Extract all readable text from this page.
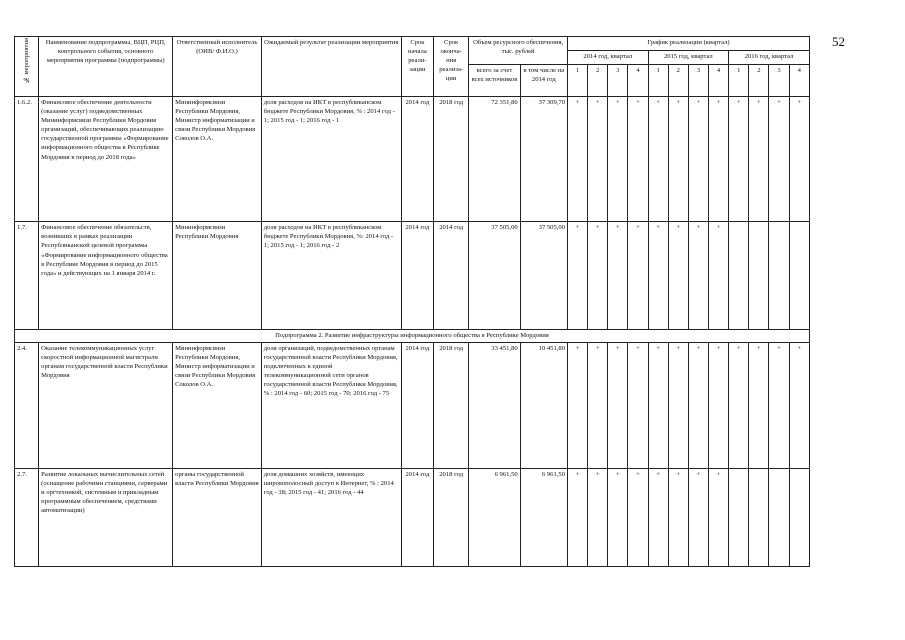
52
№ мероприятия	Наименование подпрограммы, ВЦП, РЦП, контрольного события, основного мероприятия программы (подпрограммы)	Ответственный исполнитель (ОИВ/ Ф.И.О.)	Ожидаемый результат реализации мероприятия	Срок начала реали-зации	Срок оконча-ния реализа-ции	Объем ресурсного обеспечения, тыс. рублей		График реализации (квартал)											
								2014 год, квартал				2015 год, квартал				2016 год, квартал			
						всего за счет всех источников	в том числе на 2014 год	1	2	3	4	1	2	3	4	1	2	3	4
1.6.2.	Финансовое обеспечение деятельности (оказание услуг) подведомственных Мининформсвязи Республики Мордовия организаций, обеспечивающих реализацию государственной программы «Формирование информационного общества в Республике Мордовия в период до 2018 года»	Мининформсвязи Республики Мордовия, Министр информатизации и связи Республики Мордовия Соколов О.А.	доля расходов на ИКТ в республиканском бюджете Республики Мордовия, % : 2014 год - 1; 2015 год - 1; 2016 год - 1	2014 год	2018 год	72 351,80	37 309,70	+	+	+	+	+	+	+	+	+	+	+	+
1.7.	Финансовое обеспечение обязательств, возникших в рамках реализации Республиканской целевой программы «Формирование информационного общества в Республике Мордовия в период до 2015 года» и действующих на 1 января 2014 г.	Мининформсвязи Республики Мордовия	доля расходов на ИКТ в республиканском бюджете Республики Мордовия, %: 2014 год - 1; 2015 год - 1; 2016 год - 2	2014 год	2014 год	37 505,00	37 505,00	+	+	+	+	+	+	+	+				
Подпрограмма 2. Развитие инфраструктуры информационного общества в Республике Мордовия																			
2.4.	Оказание телекоммуникационных услуг скоростной информационной магистрали органам государственной власти Республики Мордовия	Мининформсвязи Республики Мордовия, Министр информатизации и связи Республики Мордовия Соколов О.А.	доля организаций, подведомственных органам государственной власти Республики Мордовия, подключенных к единой телекоммуникационной сети органов государственной власти Республики Мордовия, % : 2014 год - 60; 2015 год - 70; 2016 год - 75	2014 год	2018 год	33 451,80	10 451,80	+	+	+	+	+	+	+	+	+	+	+	+
2.7.	Развитие локальных вычислительных сетей (оснащение рабочими станциями, серверами и оргтехникой, системным и прикладным программным обеспечением, средствами автоматизации)	органы государственной власти Республики Мордовия	доля домашних хозяйств, имеющих широкополосный доступ в Интернет, % : 2014 год - 38; 2015 год - 41; 2016 год - 44	2014 год	2018 год	6 961,50	6 961,50	+	+	+	+	+	+	+	+				
